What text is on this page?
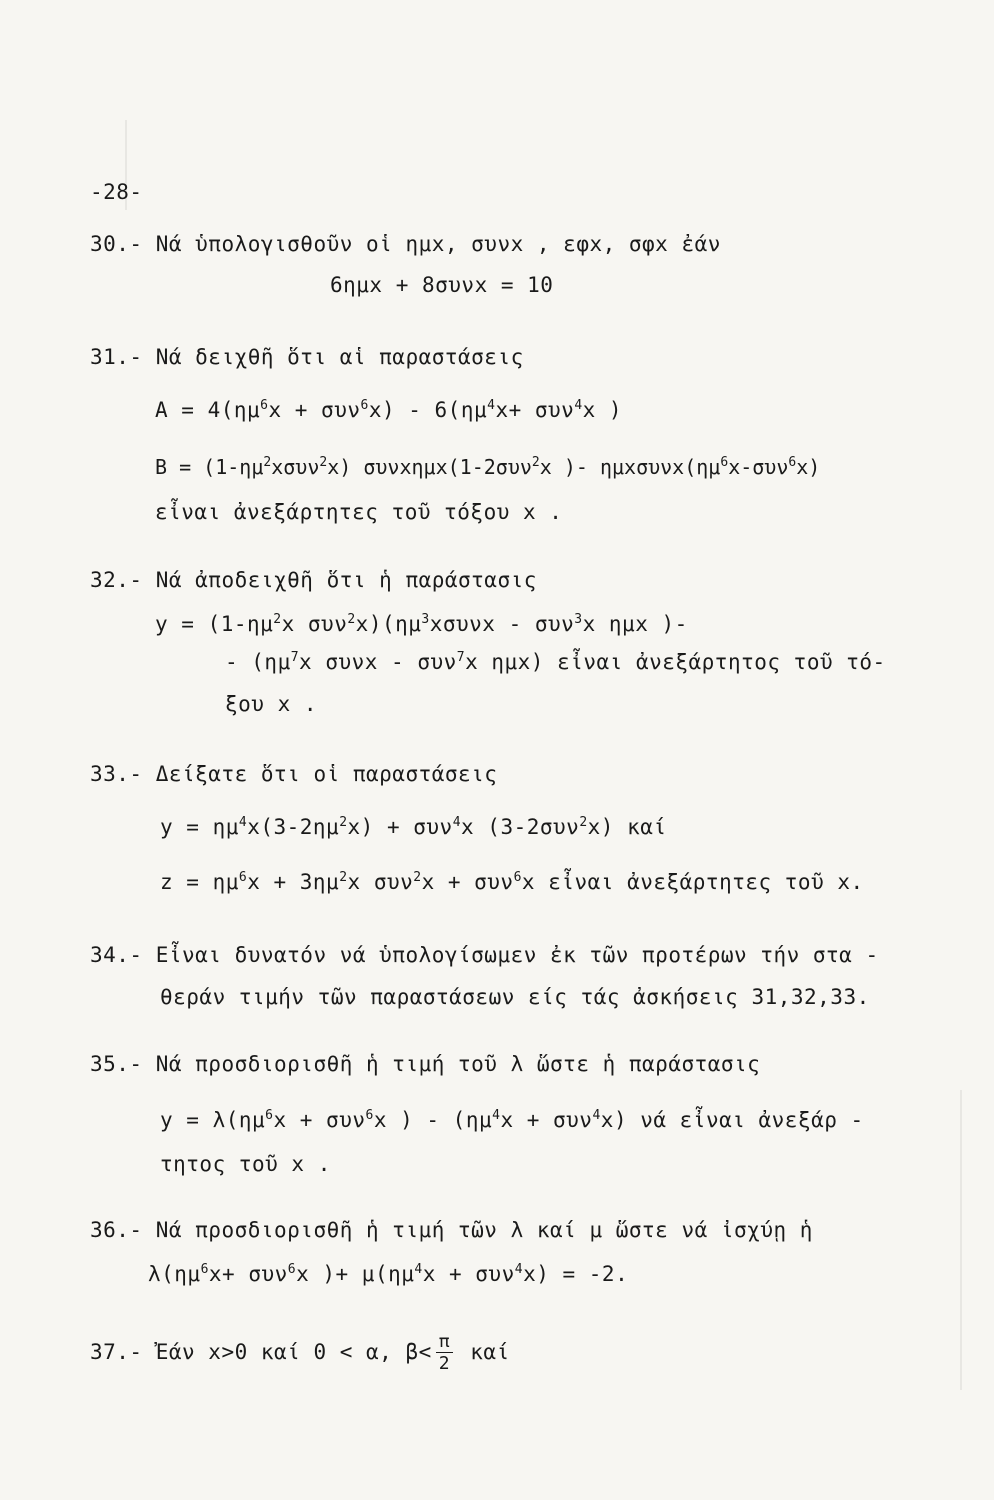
-28-
30.- Νά ὑπολογισθοῦν οἱ ημx, συνx , εφx, σφx ἐάν
6ημx + 8συνx = 10
31.- Νά δειχθῆ ὅτι αἱ παραστάσεις
$A = 4(\eta\mu^6x + \sigma\upsilon\nu^6x) - 6(\eta\mu^4x+ \sigma\upsilon\nu^4x$ )
$B = (1-\eta\mu^2x\sigma\upsilon\nu^2x)$ συνxημx(1-2συν$^2$x )- $\eta\mu x\sigma\upsilon\nu x(\eta\mu^6x-\sigma\upsilon\nu^6x)$
εἶναι ἀνεξάρτητες τοῦ τόξου x .
32.- Νά ἀποδειχθῆ ὅτι ἡ παράστασις
$y = (1-\eta\mu^2x$ $\sigma\upsilon\nu^2x)(\eta\mu^3x\sigma\upsilon\nu x - \sigma\upsilon\nu^3x$ ημx )-
- ($\eta\mu^7x$ συνx - συν$^7$x ημx) εἶναι ἀνεξάρτητος τοῦ τό-
ξου x .
33.- Δείξατε ὅτι οἱ παραστάσεις
$y = \eta\mu^4x(3-2\eta\mu^2x) + \sigma\upsilon\nu^4x$ (3-2συν$^2$x) καί
$z = \eta\mu^6x + 3\eta\mu^2x$ συν$^2$x + συν$^6$x εἶναι ἀνεξάρτητες τοῦ x.
34.- Εἶναι δυνατόν νά ὑπολογίσωμεν ἐκ τῶν προτέρων τήν στα -
θεράν τιμήν τῶν παραστάσεων είς τάς ἀσκήσεις 31,32,33.
35.- Νά προσδιορισθῆ ἡ τιμή τοῦ λ ὥστε ἡ παράστασις
$y = \lambda(\eta\mu^6x + \sigma\upsilon\nu^6x$ ) - $(\eta\mu^4x + \sigma\upsilon\nu^4x)$ νά εἶναι ἀνεξάρ -
τητος τοῦ x .
36.- Νά προσδιορισθῆ ἡ τιμή τῶν λ καί μ ὥστε νά ἰσχύῃ ἡ
$\lambda(\eta\mu^6x+ \sigma\upsilon\nu^6x$ )+ $\mu(\eta\mu^4x + \sigma\upsilon\nu^4x) = -2$.
37.- Ἐάν x>0 καί 0 < α, $\beta< \frac{\pi}{2}$ καί
